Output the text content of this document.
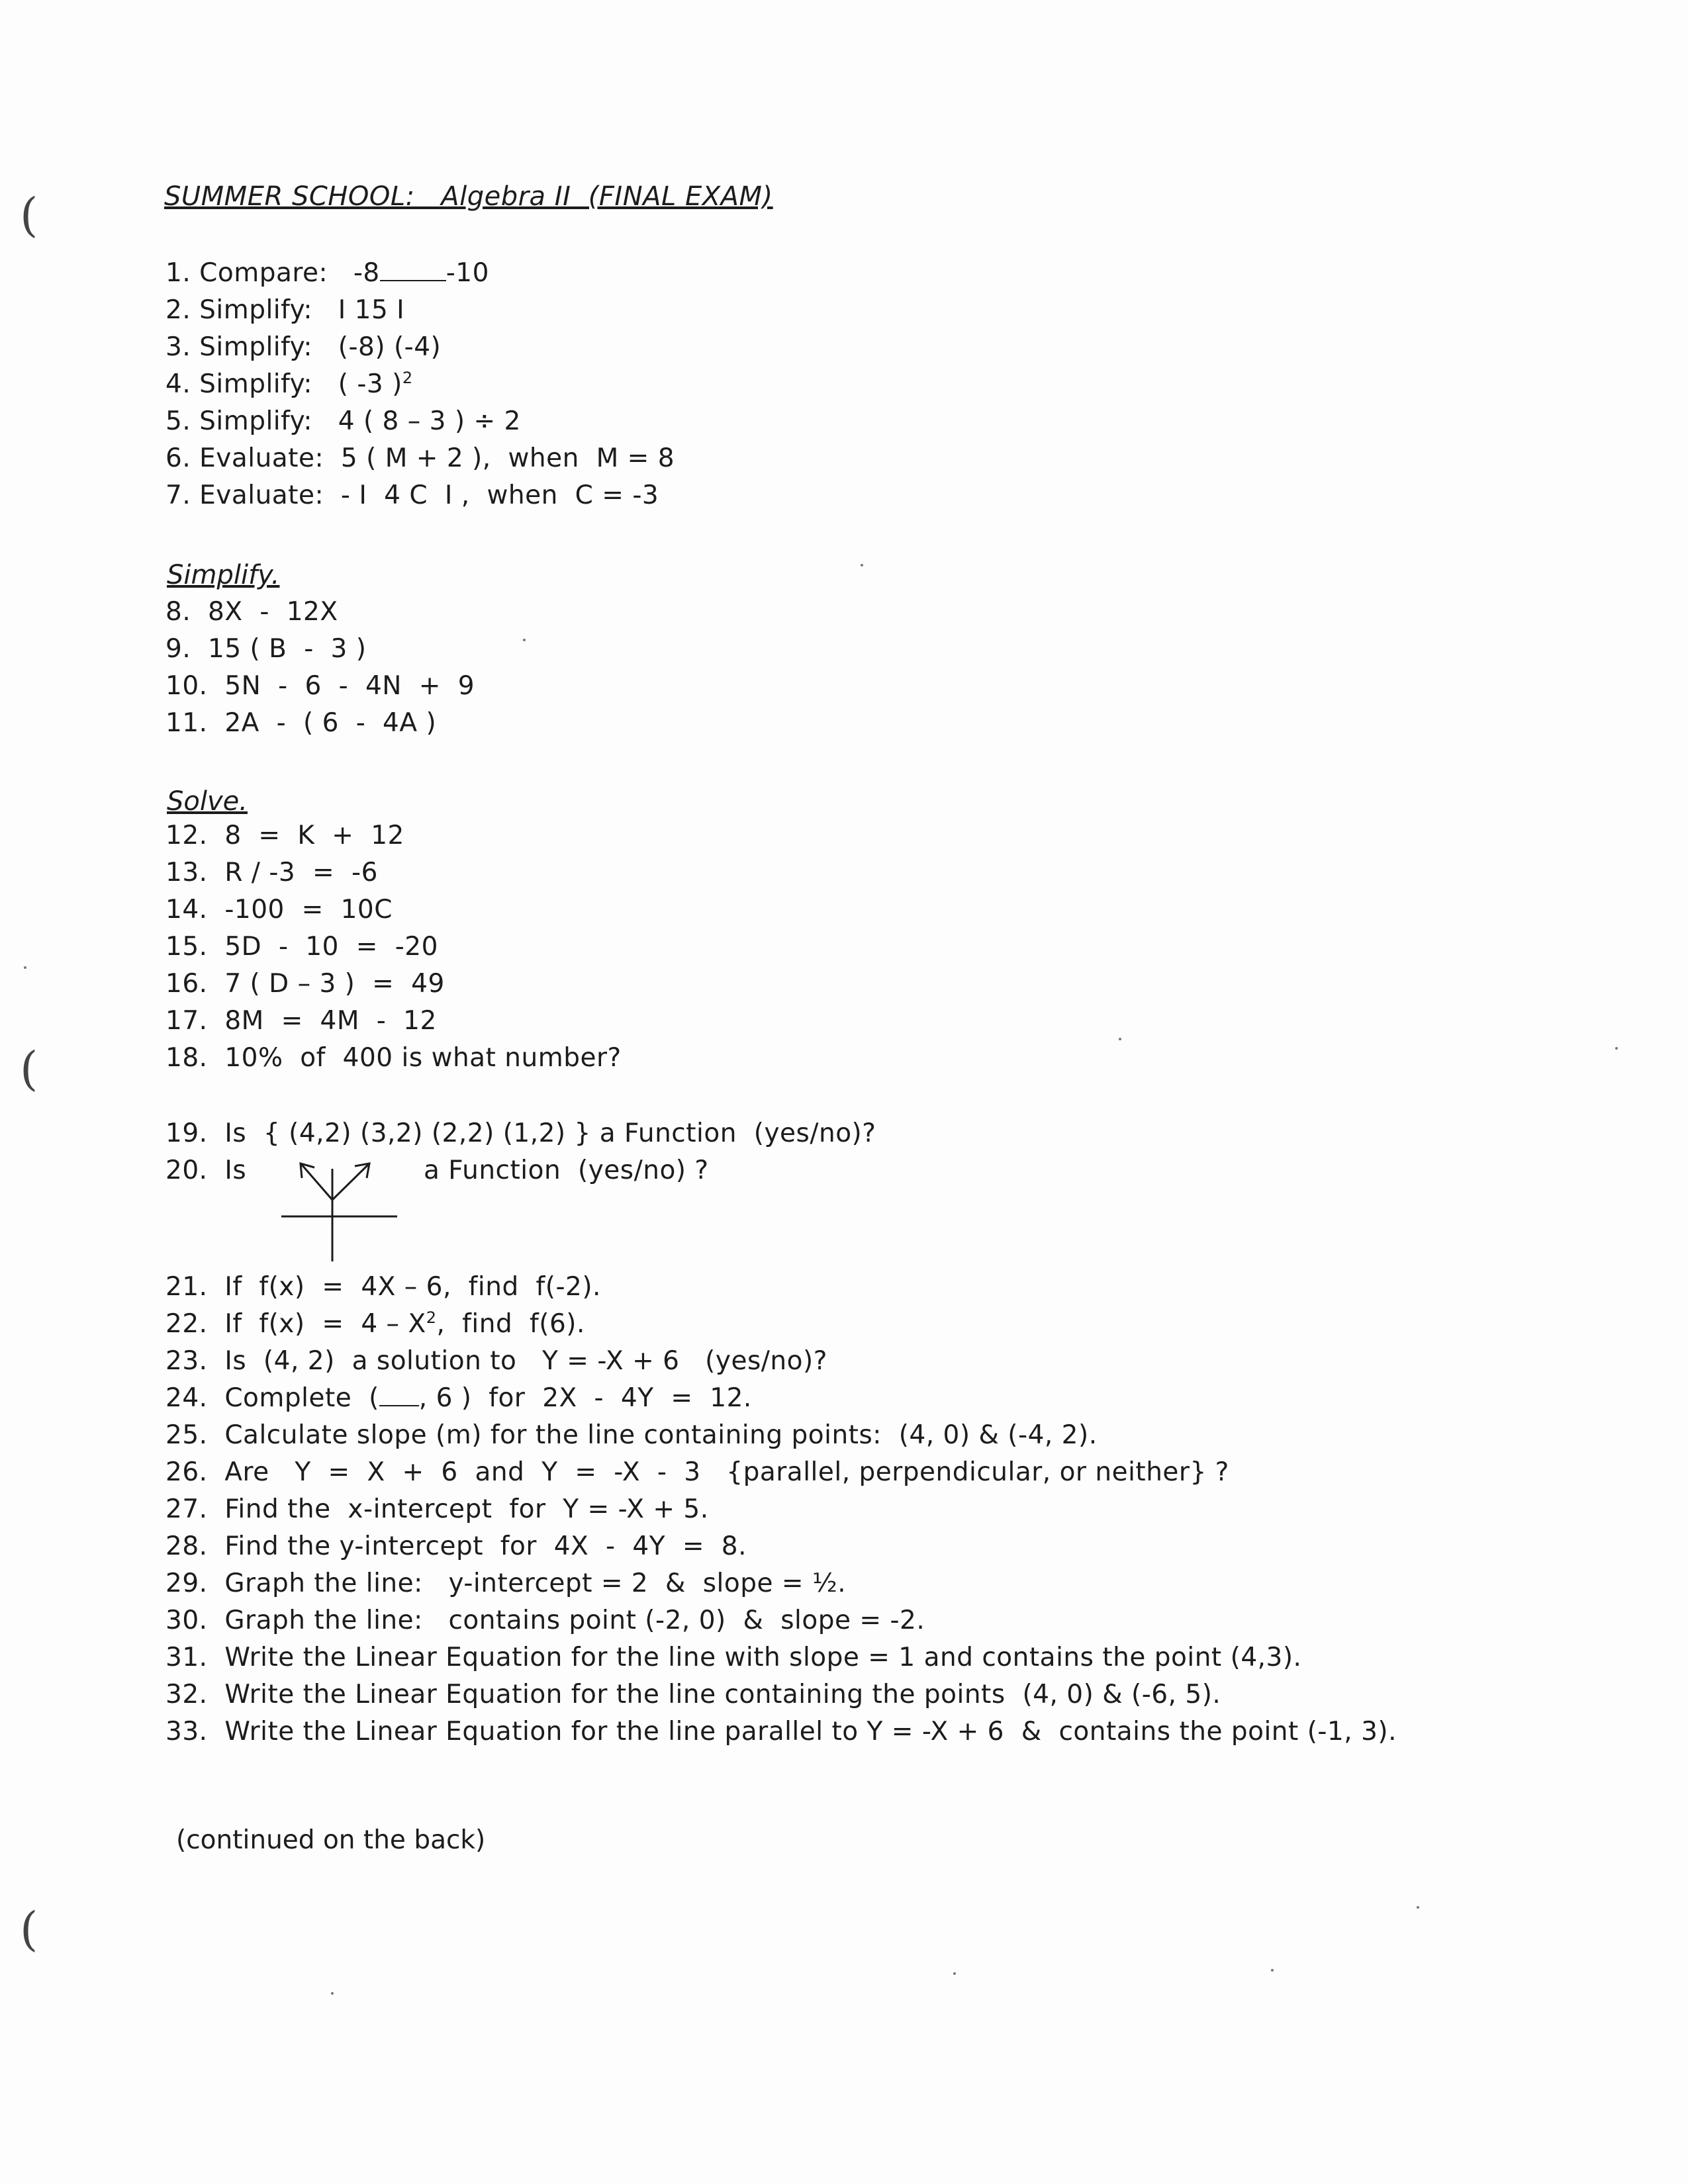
(
(
(
SUMMER SCHOOL:   Algebra II  (FINAL EXAM)
1. Compare:   -8	-10
2. Simplify:   I 15 I
3. Simplify:   (-8) (-4)
4. Simplify:   ( -3 )$^2$
5. Simplify:   4 ( 8 – 3 ) ÷ 2
6. Evaluate:  5 ( M + 2 ),  when  M = 8
7. Evaluate:  - I  4 C  I ,  when  C = -3
Simplify.
8.  8X  -  12X
9.  15 ( B  -  3 )
10.  5N  -  6  -  4N  +  9
11.  2A  -  ( 6  -  4A )
Solve.
12.  8  =  K  +  12
13.  R / -3  =  -6
14.  -100  =  10C
15.  5D  -  10  =  -20
16.  7 ( D – 3 )  =  49
17.  8M  =  4M  -  12
18.  10%  of  400 is what number?
19.  Is  { (4,2) (3,2) (2,2) (1,2) } a Function  (yes/no)?
20.  Is	a Function  (yes/no) ?
21.  If  f(x)  =  4X – 6,  find  f(-2).
22.  If  $f(x) = 4 - X^2$,  find  f(6).
23.  Is  (4, 2)  a solution to   Y = -X + 6   (yes/no)?
24.  Complete  ( , 6 )  for  2X  -  4Y  =  12.
25.  Calculate slope (m) for the line containing points:  (4, 0) & (-4, 2).
26.  Are   Y  =  X  +  6  and  Y  =  -X  -  3   {parallel, perpendicular, or neither} ?
27.  Find the  x-intercept  for  Y = -X + 5.
28.  Find the y-intercept  for  4X  -  4Y  =  8.
29.  Graph the line:   y-intercept = 2  &  slope = ½.
30.  Graph the line:   contains point (-2, 0)  &  slope = -2.
31.  Write the Linear Equation for the line with slope = 1 and contains the point (4,3).
32.  Write the Linear Equation for the line containing the points  (4, 0) & (-6, 5).
33.  Write the Linear Equation for the line parallel to Y = -X + 6  &  contains the point (-1, 3).
(continued on the back)
